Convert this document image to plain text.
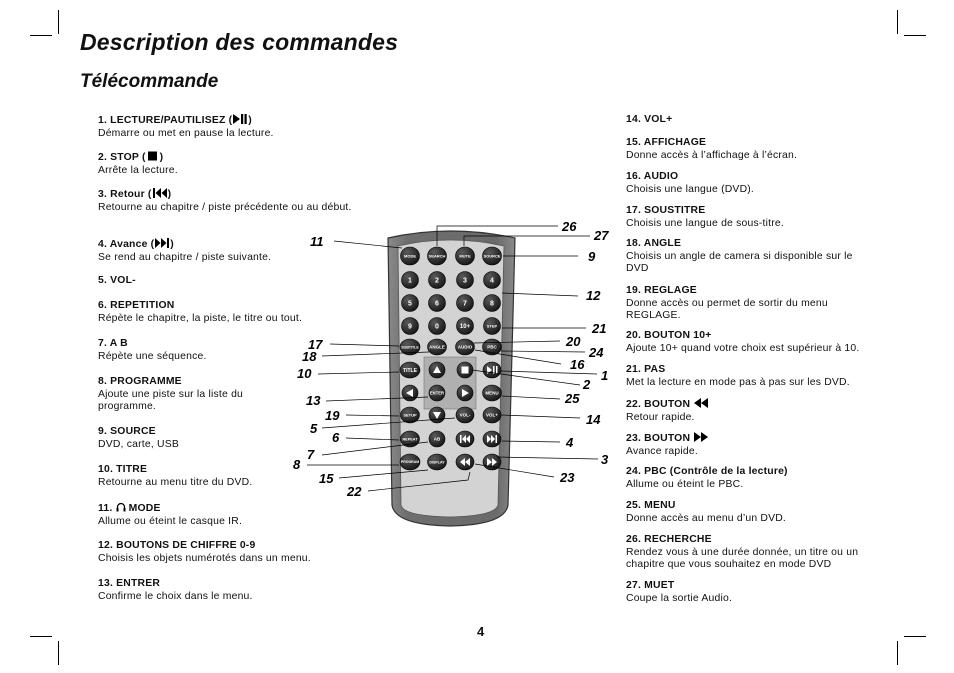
Description des commandes
Télécommande
1. LECTURE/PAUTILISEZ ( )
Démarre ou met en pause la lecture.
2. STOP ( )
Arrête la lecture.
3. Retour ( )
Retourne au chapitre / piste précédente ou au début.
4. Avance ( )
Se rend au chapitre / piste suivante.
5. VOL-
6. REPETITION
Répète le chapitre, la piste, le titre ou tout.
7. A B
Répète une séquence.
8. PROGRAMME
Ajoute une piste sur la liste du programme.
9. SOURCE
DVD, carte, USB
10. TITRE
Retourne au menu titre du DVD.
11. MODE
Allume ou éteint le casque IR.
12. BOUTONS DE CHIFFRE 0-9
Choisis les objets numérotés dans un menu.
13. ENTRER
Confirme le choix dans le menu.
14. VOL+
15. AFFICHAGE
Donne accès à l’affichage à l’écran.
16. AUDIO
Choisis une langue (DVD).
17. SOUSTITRE
Choisis une langue de sous-titre.
18. ANGLE
Choisis un angle de camera si disponible sur le DVD
19. REGLAGE
Donne accès ou permet de sortir du menu REGLAGE.
20. BOUTON 10+
Ajoute 10+ quand votre choix est supérieur à 10.
21. PAS
Met la lecture en mode pas à pas sur les DVD.
22. BOUTON
Retour rapide.
23. BOUTON
Avance rapide.
24. PBC (Contrôle de la lecture)
Allume ou éteint le PBC.
25. MENU
Donne accès au menu d’un DVD.
26. RECHERCHE
Rendez vous à une durée donnée, un titre ou un chapitre que vous souhaitez en mode DVD
27. MUET
Coupe la sortie Audio.
MODE	SEARCH	MUTE	SOURCE
1	2	3	4
5	6	7	8
9	0	10+	STEP
SUBTITLE ANGLE	AUDIO	PBC
TITLE
ENTER	MENU
SETUP	VOL-	VOL+
REPEAT	AB
PROGRAM	DISPLAY
11
26
27
9
12
21
20
24
16
1
2
25
14
4
3
23
17
18
10
13
19
5
6
7
8
15
22
4
